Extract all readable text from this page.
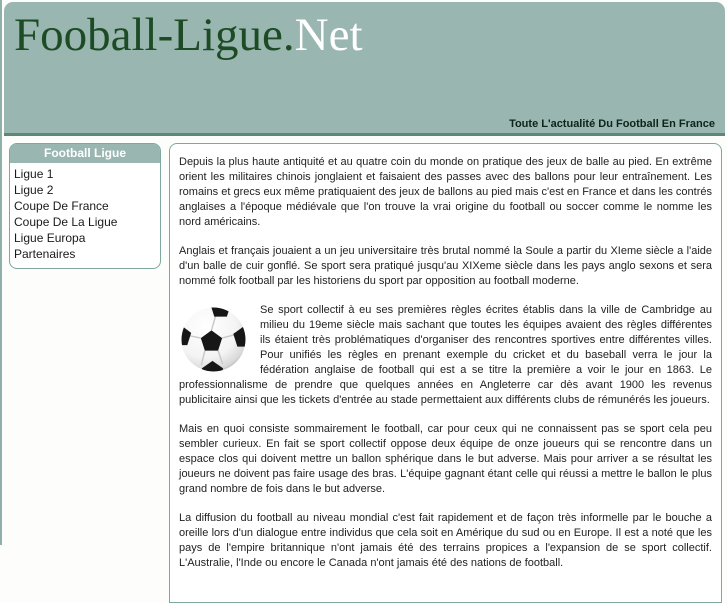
Fooball-Ligue.Net
Toute L'actualité Du Football En France
Football Ligue
Ligue 1
Ligue 2
Coupe De France
Coupe De La Ligue
Ligue Europa
Partenaires

Depuis la plus haute antiquité et au quatre coin du monde on pratique des jeux de balle au pied. En extrême orient les militaires chinois jonglaient et faisaient des passes avec des ballons pour leur entraînement. Les romains et grecs eux même pratiquaient des jeux de ballons au pied mais c'est en France et dans les contrés anglaises a l'époque médiévale que l'on trouve la vrai origine du football ou soccer comme le nomme les nord américains.

Anglais et français jouaient a un jeu universitaire très brutal nommé la Soule a partir du XIeme siècle a l'aide d'un balle de cuir gonflé. Se sport sera pratiqué jusqu'au XIXeme siècle dans les pays anglo sexons et sera nommé folk football par les historiens du sport par opposition au football moderne.

Se sport collectif à eu ses premières règles écrites établis dans la ville de Cambridge au milieu du 19eme siècle mais sachant que toutes les équipes avaient des règles différentes ils étaient très problématiques d'organiser des rencontres sportives entre différentes villes. Pour unifiés les règles en prenant exemple du cricket et du baseball verra le jour la fédération anglaise de football qui est a se titre la première a voir le jour en 1863. Le professionnalisme de prendre que quelques années en Angleterre car dès avant 1900 les revenus publicitaire ainsi que les tickets d'entrée au stade permettaient aux différents clubs de rémunérés les joueurs.

Mais en quoi consiste sommairement le football, car pour ceux qui ne connaissent pas se sport cela peu sembler curieux. En fait se sport collectif oppose deux équipe de onze joueurs qui se rencontre dans un espace clos qui doivent mettre un ballon sphérique dans le but adverse. Mais pour arriver a se résultat les joueurs ne doivent pas faire usage des bras. L'équipe gagnant étant celle qui réussi a mettre le ballon le plus grand nombre de fois dans le but adverse.

La diffusion du football au niveau mondial c'est fait rapidement et de façon très informelle par le bouche a oreille lors d'un dialogue entre individus que cela soit en Amérique du sud ou en Europe. Il est a noté que les pays de l'empire britannique n'ont jamais été des terrains propices a l'expansion de se sport collectif. L'Australie, l'Inde ou encore le Canada n'ont jamais été des nations de football.
